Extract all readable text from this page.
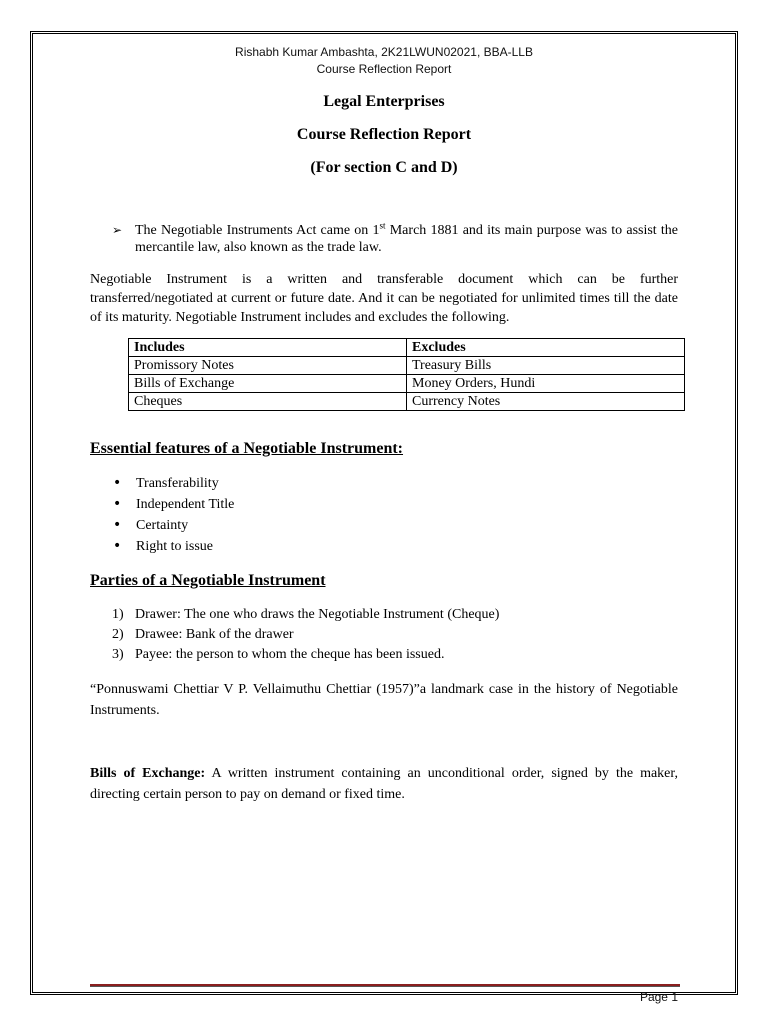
Rishabh Kumar Ambashta, 2K21LWUN02021, BBA-LLB
Course Reflection Report
Legal Enterprises
Course Reflection Report
(For section C and D)
➢ The Negotiable Instruments Act came on 1st March 1881 and its main purpose was to assist the mercantile law, also known as the trade law.
Negotiable Instrument is a written and transferable document which can be further transferred/negotiated at current or future date. And it can be negotiated for unlimited times till the date of its maturity. Negotiable Instrument includes and excludes the following.
Includes	Excludes
Promissory Notes	Treasury Bills
Bills of Exchange	Money Orders, Hundi
Cheques	Currency Notes
Essential features of a Negotiable Instrument:
• Transferability
• Independent Title
• Certainty
• Right to issue
Parties of a Negotiable Instrument
1) Drawer: The one who draws the Negotiable Instrument (Cheque)
2) Drawee: Bank of the drawer
3) Payee: the person to whom the cheque has been issued.
“Ponnuswami Chettiar V P. Vellaimuthu Chettiar (1957)”a landmark case in the history of Negotiable Instruments.
Bills of Exchange: A written instrument containing an unconditional order, signed by the maker, directing certain person to pay on demand or fixed time.
Page 1
